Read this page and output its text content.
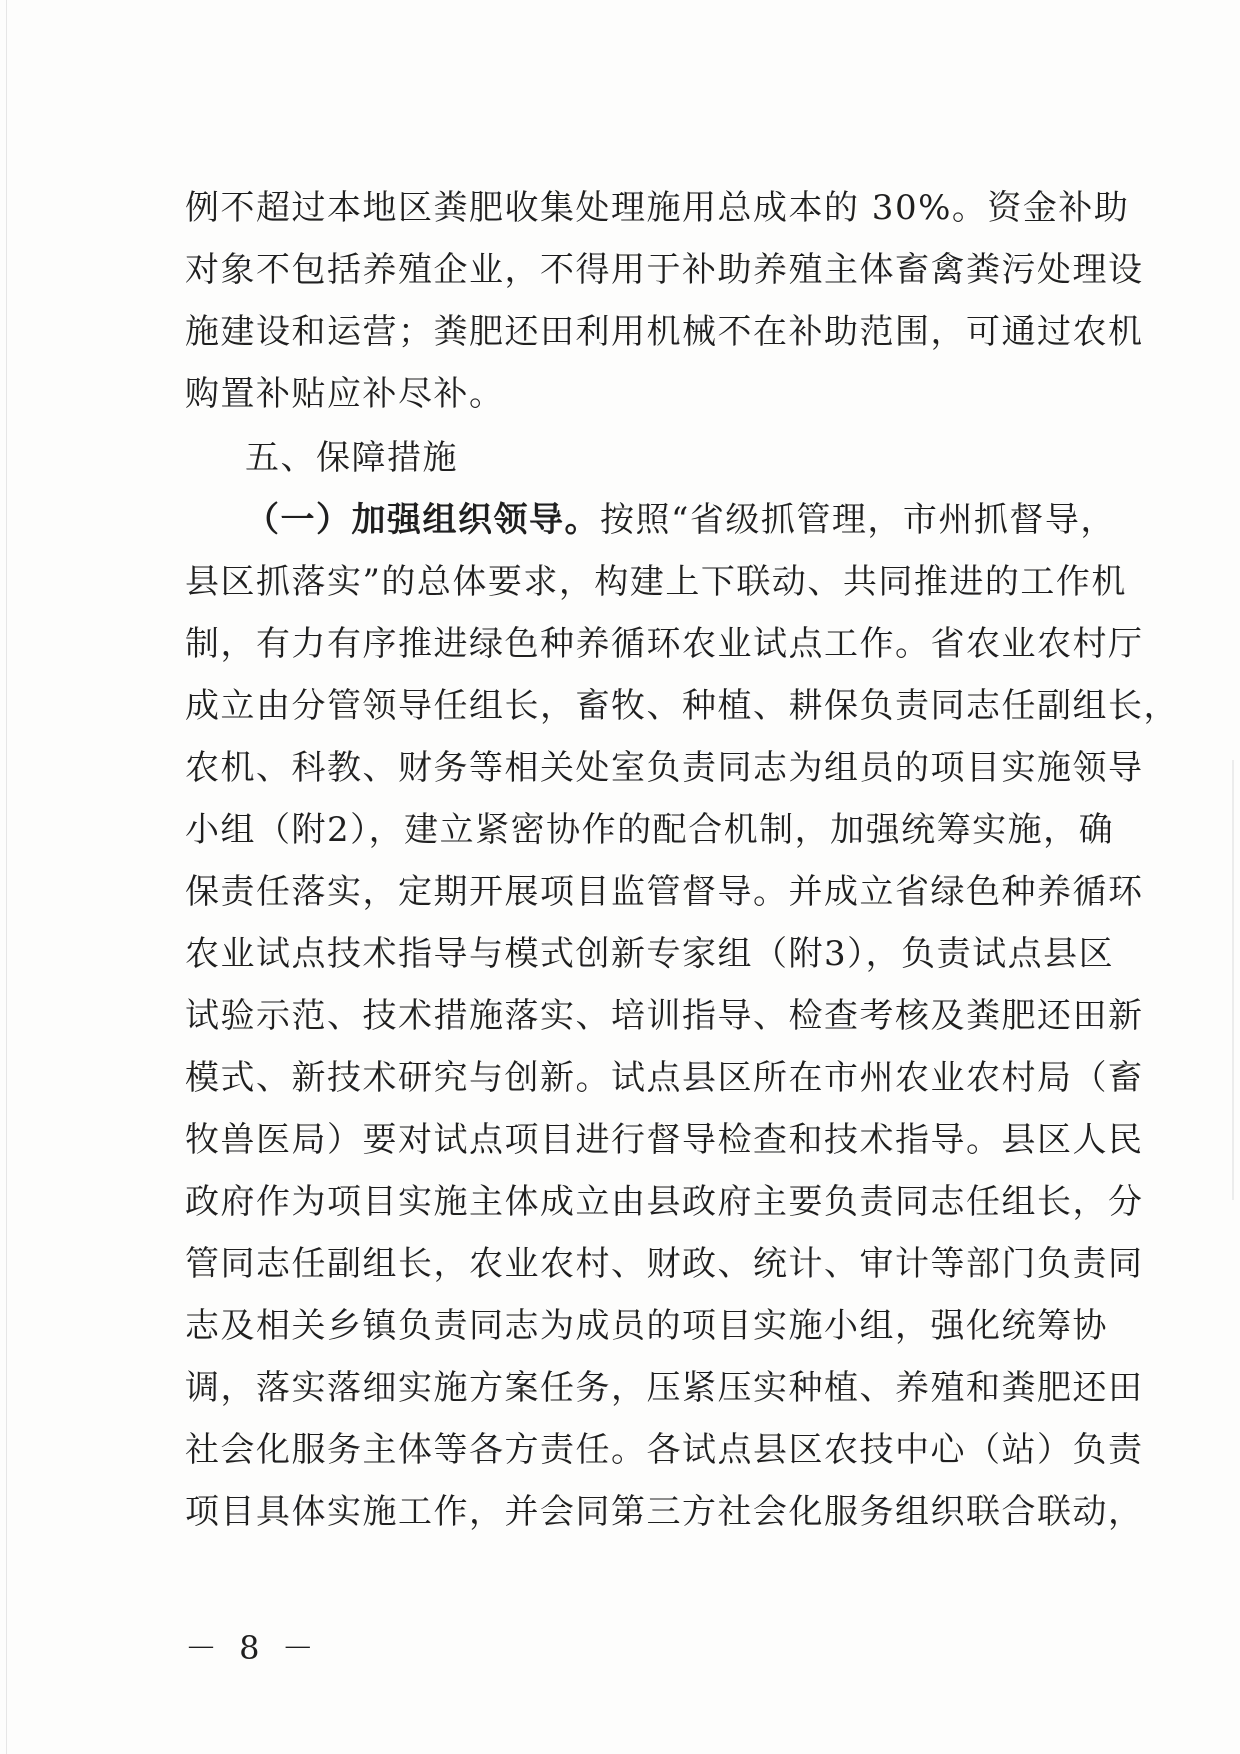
例不超过本地区粪肥收集处理施用总成本的 30%。资金补助
对象不包括养殖企业，不得用于补助养殖主体畜禽粪污处理设
施建设和运营；粪肥还田利用机械不在补助范围，可通过农机
购置补贴应补尽补。
五、保障措施
（一）加强组织领导。按照“省级抓管理，市州抓督导，
县区抓落实”的总体要求，构建上下联动、共同推进的工作机
制，有力有序推进绿色种养循环农业试点工作。省农业农村厅
成立由分管领导任组长，畜牧、种植、耕保负责同志任副组长，
农机、科教、财务等相关处室负责同志为组员的项目实施领导
小组（附2），建立紧密协作的配合机制，加强统筹实施，确
保责任落实，定期开展项目监管督导。并成立省绿色种养循环
农业试点技术指导与模式创新专家组（附3），负责试点县区
试验示范、技术措施落实、培训指导、检查考核及粪肥还田新
模式、新技术研究与创新。试点县区所在市州农业农村局（畜
牧兽医局）要对试点项目进行督导检查和技术指导。县区人民
政府作为项目实施主体成立由县政府主要负责同志任组长，分
管同志任副组长，农业农村、财政、统计、审计等部门负责同
志及相关乡镇负责同志为成员的项目实施小组，强化统筹协
调，落实落细实施方案任务，压紧压实种植、养殖和粪肥还田
社会化服务主体等各方责任。各试点县区农技中心（站）负责
项目具体实施工作，并会同第三方社会化服务组织联合联动，
－ 8 －
